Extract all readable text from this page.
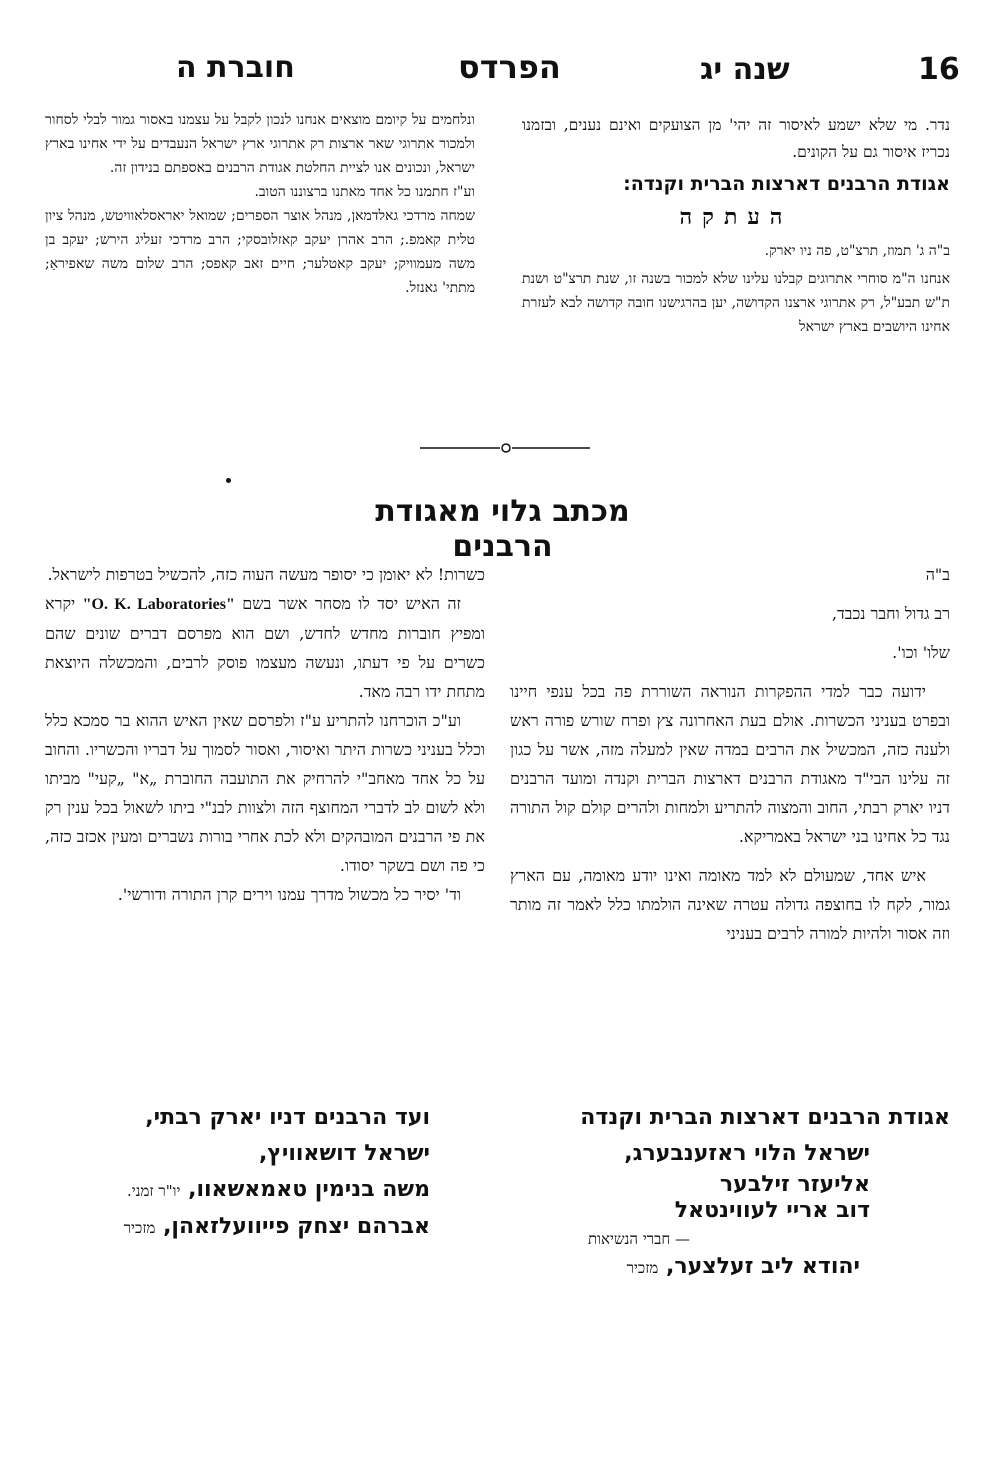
16
שנה יג
הפרדס
חוברת ה

נדר. מי שלא ישמע לאיסור זה יהי' מן הצועקים ואינם נענים, ובזמנו נכריז איסור גם על הקונים.

אגודת הרבנים דארצות הברית וקנדה:
העתקה
ב"ה ג' תמוז, תרצ"ט, פה ניו יארק.

אנחנו ה"מ סוחרי אתרוגים קבלנו עלינו שלא למכור בשנה זו, שנת תרצ"ט ושנת ת"ש תבע"ל, רק אתרוגי ארצנו הקדושה, יען בהרגישנו חובה קדושה לבא לעזרת אחינו היושבים בארץ ישראל

ונלחמים על קיומם מוצאים אנחנו לנכון לקבל על עצמנו באסור גמור לבלי לסחור ולמכור אתרוגי שאר ארצות רק אתרוגי ארץ ישראל הנעבדים על ידי אחינו בארץ ישראל, ונכונים אנו לציית החלטת אגודת הרבנים באספתם בנידון זה.

וע"ז חתמנו כל אחד מאתנו ברצוננו הטוב.

שמחה מרדכי גאלדמאן, מנהל אוצר הספרים; שמואל יאראסלאוויטש, מנהל ציון טלית קאמפ.; הרב אהרן יעקב קאזלובסקי; הרב מרדכי זעליג הירש; יעקב בן משה מעמוויק; יעקב קאטלער; חיים זאב קאפס; הרב שלום משה שאפיראַ; מתתי' גאנזל.

מכתב גלוי מאגודת הרבנים

ב"ה

רב גדול וחבר נכבד,

שלו' וכו'.

ידועה כבר למדי ההפקרות הנוראה השוררת פה בכל ענפי חיינו ובפרט בעניני הכשרות. אולם בעת האחרונה צץ ופרח שורש פורה ראש ולענה כזה, המכשיל את הרבים במדה שאין למעלה מזה, אשר על כגון זה עלינו הבי"ד מאגודת הרבנים דארצות הברית וקנדה ומועד הרבנים דניו יארק רבתי, החוב והמצוה להתריע ולמחות ולהרים קולם קול התורה נגד כל אחינו בני ישראל באמריקא.

איש אחד, שמעולם לא למד מאומה ואינו יודע מאומה, עם הארץ גמור, לקח לו בחוצפה גדולה עטרה שאינה הולמתו כלל לאמר זה מותר וזה אסור ולהיות למורה לרבים בעניני

כשרות! לא יאומן כי יסופר מעשה העוה כזה, להכשיל בטרפות לישראל.

זה האיש יסד לו מסחר אשר בשם "O. K. Laboratories" יקרא ומפיץ חוברות מחדש לחדש, ושם הוא מפרסם דברים שונים שהם כשרים על פי דעתו, ונעשה מעצמו פוסק לרבים, והמכשלה היוצאת מתחת ידו רבה מאד.

וע"כ הוכרחנו להתריע ע"ז ולפרסם שאין האיש ההוא בר סמכא כלל וכלל בעניני כשרות היתר ואיסור, ואסור לסמוך על דבריו והכשריו. והחוב על כל אחד מאחב"י להרחיק את התועבה החוברת „א" „קעי" מביתו ולא לשום לב לדברי המחוצף הזה ולצוות לבנ"י ביתו לשאול בכל ענין רק את פי הרבנים המובהקים ולא לכת אחרי בורות נשברים ומעין אכזב כזה, כי פה ושם בשקר יסודו.

וד' יסיר כל מכשול מדרך עמנו וירים קרן התורה ודורשי'.

אגודת הרבנים דארצות הברית וקנדה
ישראל הלוי ראזענבערג,
אליעזר זילבער
דוב אריי לעווינטאל
— חברי הנשיאות
יהודא ליב זעלצער, מזכיר
ועד הרבנים דניו יארק רבתי,
ישראל דושאוויץ,
משה בנימין טאמאשאוו, יו"ר זמני.
אברהם יצחק פייוועלזאהן, מזכיר
